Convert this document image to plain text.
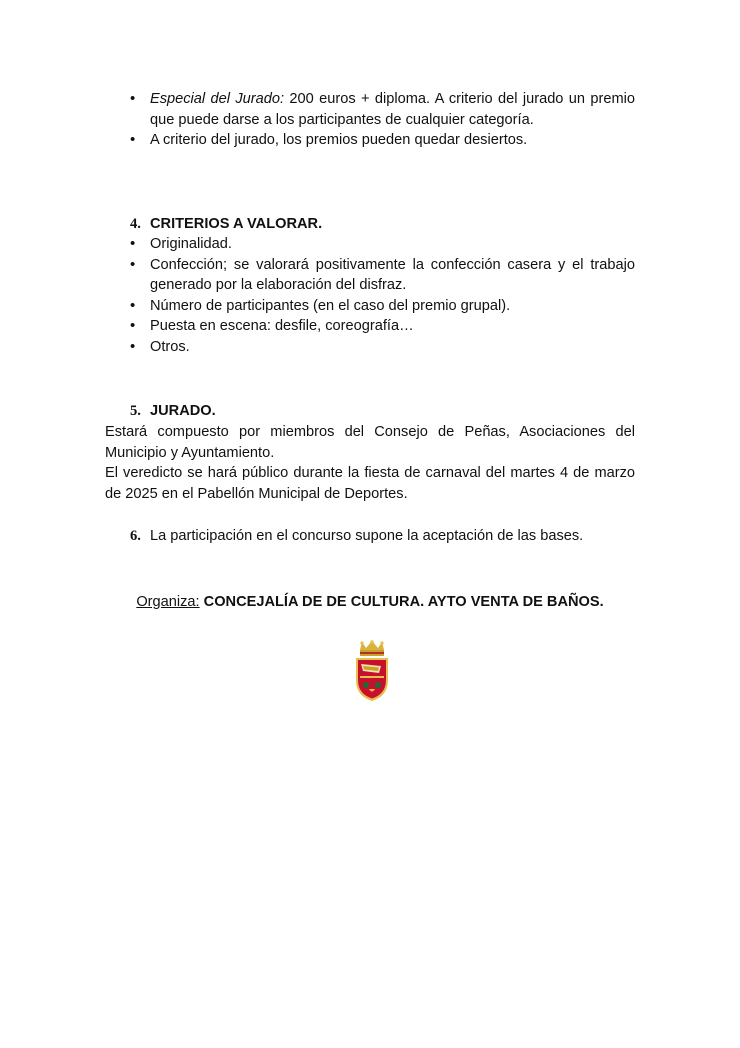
• Especial del Jurado: 200 euros + diploma. A criterio del jurado un premio que puede darse a los participantes de cualquier categoría.
• A criterio del jurado, los premios pueden quedar desiertos.
4. CRITERIOS A VALORAR.
• Originalidad.
• Confección; se valorará positivamente la confección casera y el trabajo generado por la elaboración del disfraz.
• Número de participantes (en el caso del premio grupal).
• Puesta en escena: desfile, coreografía…
• Otros.
5. JURADO.
Estará compuesto por miembros del Consejo de Peñas, Asociaciones del Municipio y Ayuntamiento.
El veredicto se hará público durante la fiesta de carnaval del martes 4 de marzo de 2025 en el Pabellón Municipal de Deportes.
6. La participación en el concurso supone la aceptación de las bases.
Organiza: CONCEJALÍA DE DE CULTURA. AYTO VENTA DE BAÑOS.
